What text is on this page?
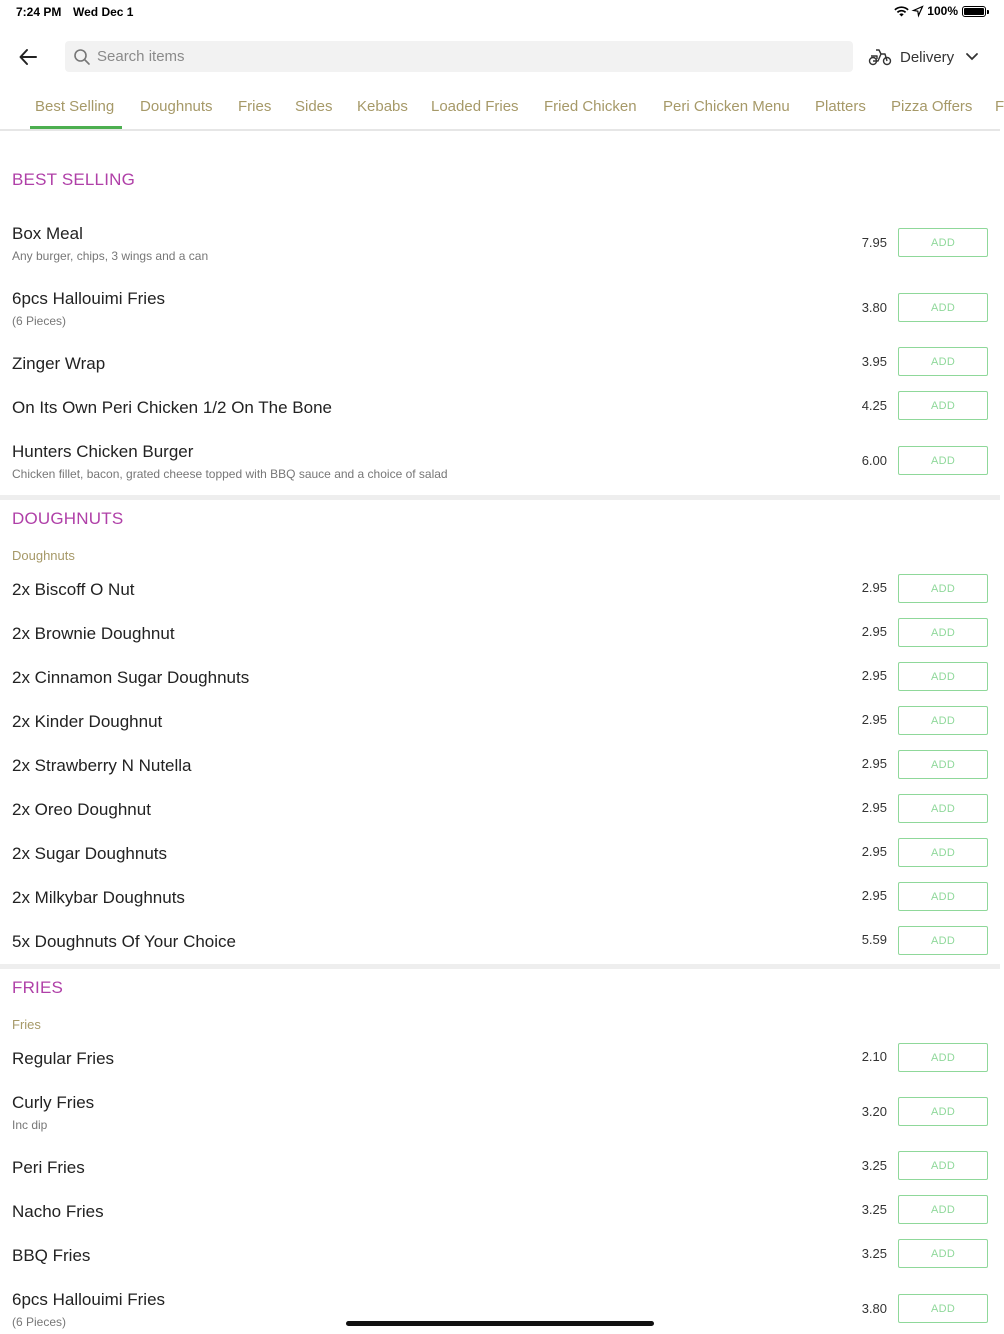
7:24 PM Wed Dec 1	100%
Search items
Delivery
Best Selling Doughnuts Fries Sides Kebabs Loaded Fries Fried Chicken Peri Chicken Menu Platters Pizza Offers F
BEST SELLING
Box Meal
Any burger, chips, 3 wings and a can
7.95	ADD
6pcs Hallouimi Fries
(6 Pieces)
3.80	ADD
Zinger Wrap	3.95	ADD
On Its Own Peri Chicken 1/2 On The Bone	4.25	ADD
Hunters Chicken Burger
Chicken fillet, bacon, grated cheese topped with BBQ sauce and a choice of salad
6.00	ADD
DOUGHNUTS
Doughnuts
2x Biscoff O Nut	2.95	ADD
2x Brownie Doughnut	2.95	ADD
2x Cinnamon Sugar Doughnuts	2.95	ADD
2x Kinder Doughnut	2.95	ADD
2x Strawberry N Nutella	2.95	ADD
2x Oreo Doughnut	2.95	ADD
2x Sugar Doughnuts	2.95	ADD
2x Milkybar Doughnuts	2.95	ADD
5x Doughnuts Of Your Choice	5.59	ADD
FRIES
Fries
Regular Fries	2.10	ADD
Curly Fries
Inc dip
3.20	ADD
Peri Fries	3.25	ADD
Nacho Fries	3.25	ADD
BBQ Fries	3.25	ADD
6pcs Hallouimi Fries
(6 Pieces)
3.80	ADD
